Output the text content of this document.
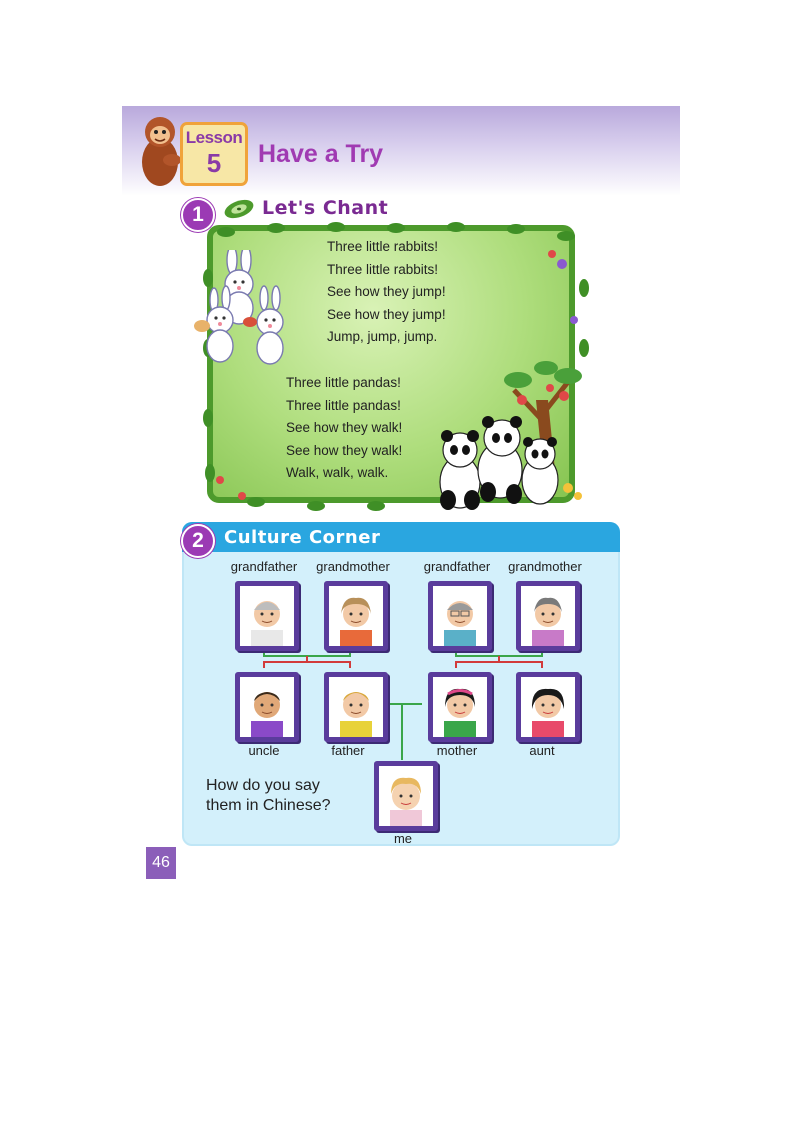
Lesson
5	Have a Try
1	Let's Chant
Three little rabbits!
Three little rabbits!
See how they jump!
See how they jump!
Jump, jump, jump.
Three little pandas!
Three little pandas!
See how they walk!
See how they walk!
Walk, walk, walk.
2	Culture Corner
grandfather	grandmother	grandfather	grandmother
uncle	father	mother	aunt
me
How do you say
them in Chinese?
46
